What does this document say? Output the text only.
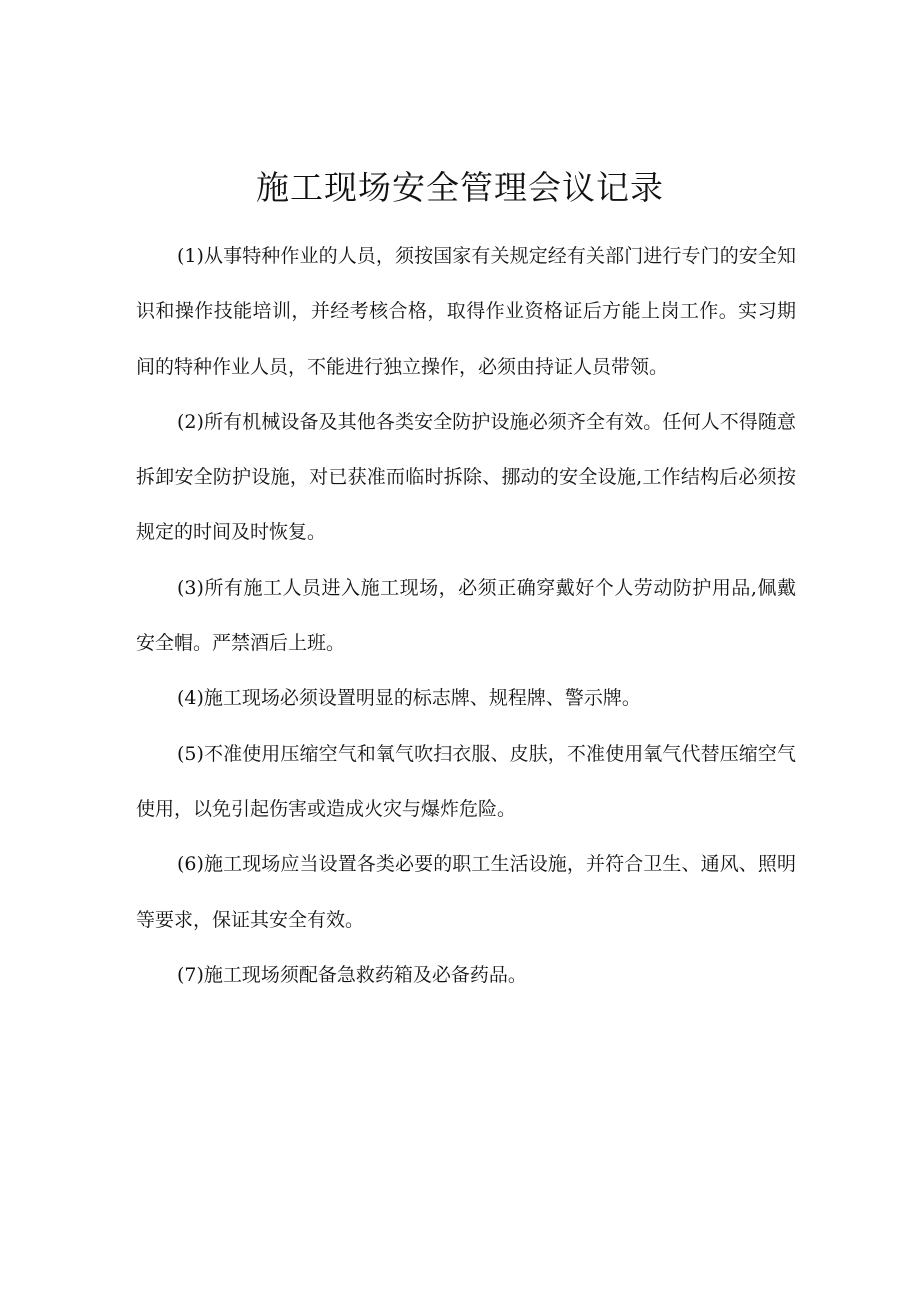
施工现场安全管理会议记录

(1)从事特种作业的人员，须按国家有关规定经有关部门进行专门的安全知识和操作技能培训，并经考核合格，取得作业资格证后方能上岗工作。实习期间的特种作业人员，不能进行独立操作，必须由持证人员带领。

(2)所有机械设备及其他各类安全防护设施必须齐全有效。任何人不得随意拆卸安全防护设施，对已获准而临时拆除、挪动的安全设施,工作结构后必须按规定的时间及时恢复。

(3)所有施工人员进入施工现场，必须正确穿戴好个人劳动防护用品,佩戴安全帽。严禁酒后上班。

(4)施工现场必须设置明显的标志牌、规程牌、警示牌。

(5)不准使用压缩空气和氧气吹扫衣服、皮肤，不准使用氧气代替压缩空气使用，以免引起伤害或造成火灾与爆炸危险。

(6)施工现场应当设置各类必要的职工生活设施，并符合卫生、通风、照明等要求，保证其安全有效。

(7)施工现场须配备急救药箱及必备药品。
